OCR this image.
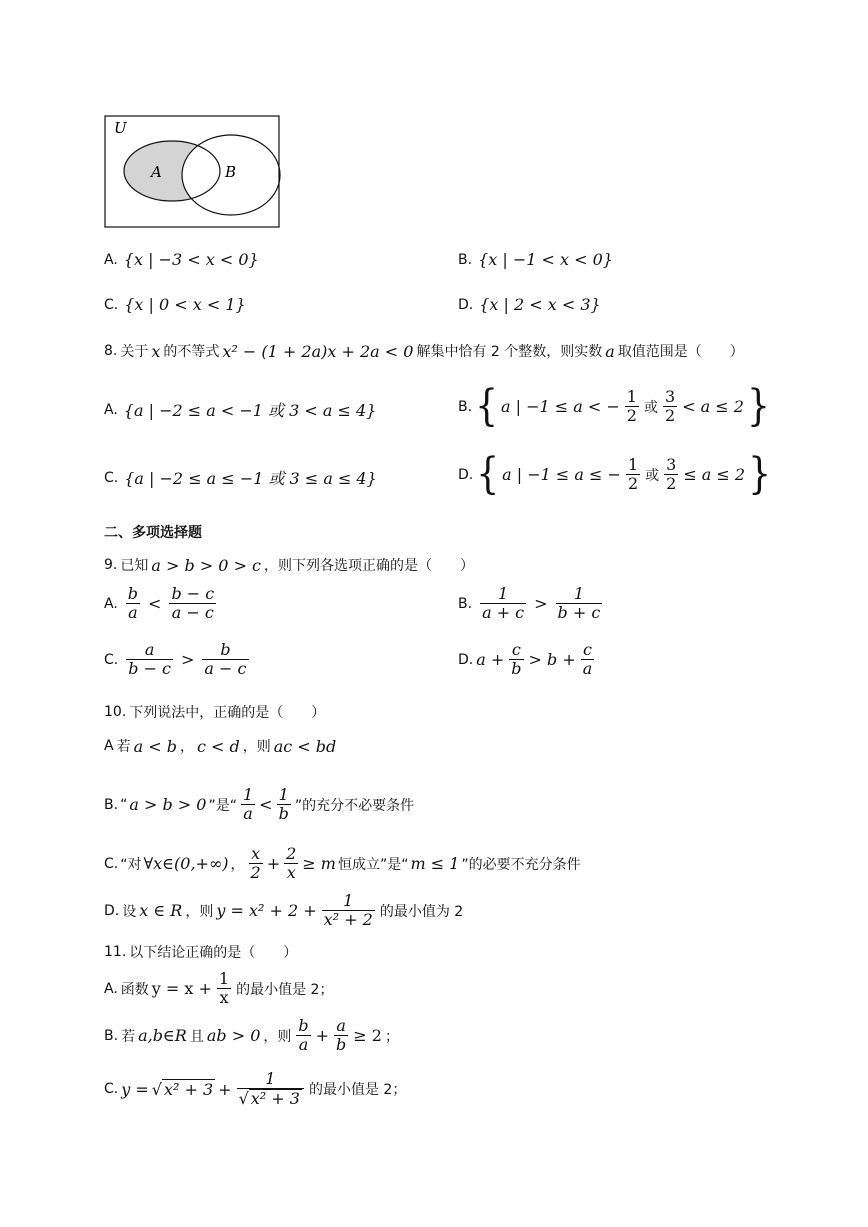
U
A	B
A. {x | −3 < x < 0}	B. {x | −1 < x < 0}
C. {x | 0 < x < 1}	D. {x | 2 < x < 3}
8. 关于 x 的不等式 x² − (1 + 2a)x + 2a < 0 解集中恰有 2 个整数，则实数 a 取值范围是（　　）
A. {a | −2 ≤ a < −1 或 3 < a ≤ 4}	B. { a | −1 ≤ a < − $\frac{1}{2}$ 或 $\frac{3}{2} < a \le 2$ }
C. {a | −2 ≤ a ≤ −1 或 3 ≤ a ≤ 4}	D. { a | −1 ≤ a ≤ − $\frac{1}{2}$ 或 $\frac{3}{2} \le a \le 2$ }
二、多项选择题
9. 已知 a > b > 0 > c ，则下列各选项正确的是（　　）
A. $\frac{b}{a} < \frac{b - c}{a - c}$	B. $\frac{1}{a + c} > \frac{1}{b + c}$
C. $\frac{a}{b - c} > \frac{b}{a - c}$	D. $a + \frac{c}{b} > b + \frac{c}{a}$
10. 下列说法中，正确的是（　　）
A 若 a < b ， c < d ，则 ac < bd
B. “ a > b > 0 ”是“ $\frac{1}{a} < \frac{1}{b}$ ”的充分不必要条件
C. “对 ∀x∈(0,+∞) ， $\frac{x}{2} + \frac{2}{x} \ge m$ 恒成立”是“ m ≤ 1 ”的必要不充分条件
D. 设 x ∈ R ，则 $y = x^2 + 2 + \frac{1}{\text{x² + 2}}$ 的最小值为 2
11. 以下结论正确的是（　　）
A. 函数 $y = x + \frac{1}{x}$ 的最小值是 2；
B. 若 a,b∈R 且 ab > 0 ，则 $\frac{b}{a} + \frac{a}{b} \ge 2$ ；
C. y = √ $x^2 + 3 + \frac{1}{\text{√ x² + 3}}$ 的最小值是 2；
